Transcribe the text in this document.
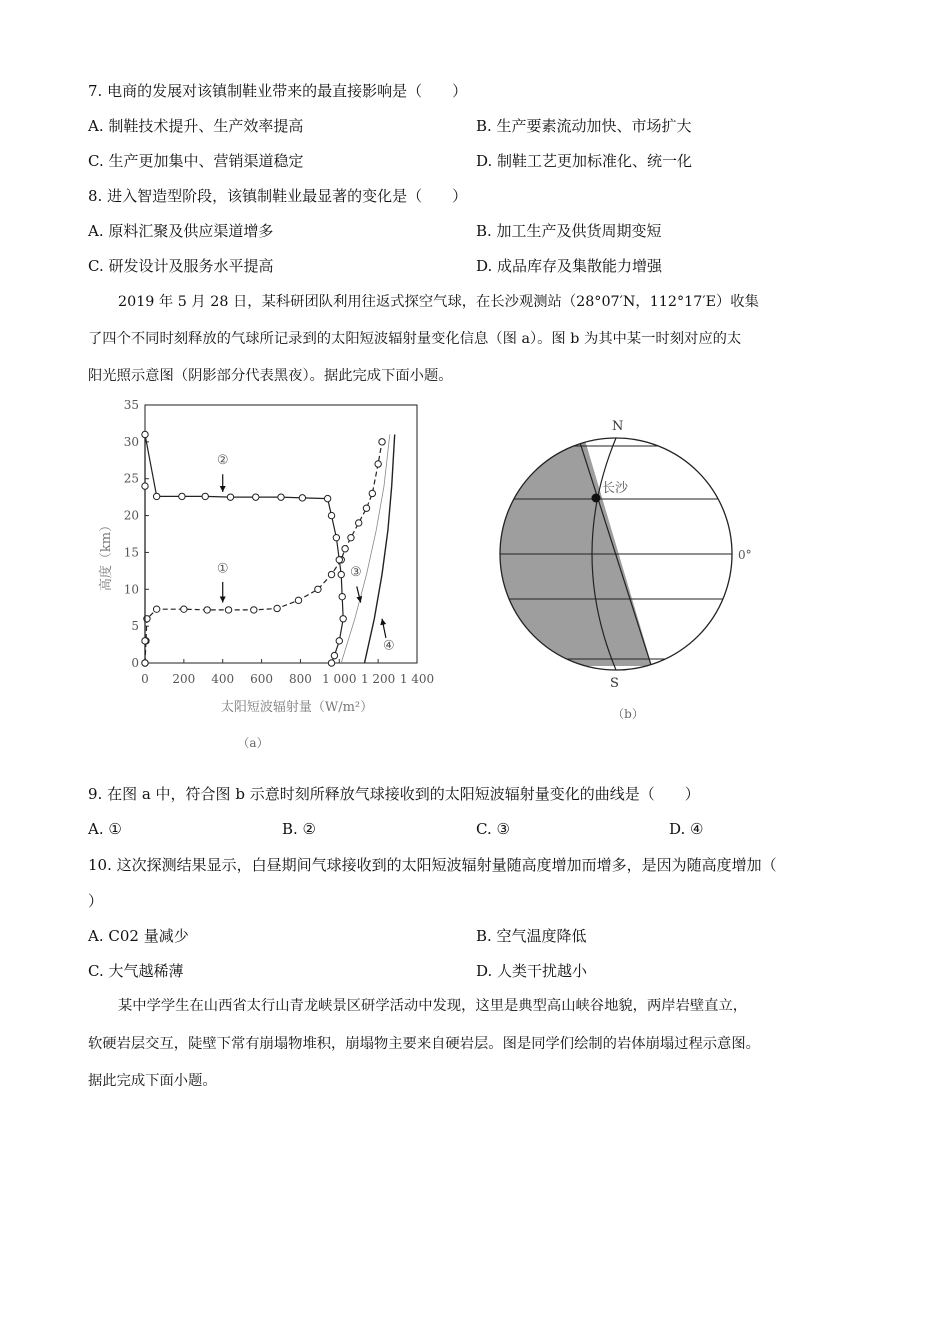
7. 电商的发展对该镇制鞋业带来的最直接影响是（　　）
A. 制鞋技术提升、生产效率提高	B. 生产要素流动加快、市场扩大
C. 生产更加集中、营销渠道稳定	D. 制鞋工艺更加标准化、统一化
8. 进入智造型阶段，该镇制鞋业最显著的变化是（　　）
A. 原料汇聚及供应渠道增多	B. 加工生产及供货周期变短
C. 研发设计及服务水平提高	D. 成品库存及集散能力增强
2019 年 5 月 28 日，某科研团队利用往返式探空气球，在长沙观测站（28°07′N，112°17′E）收集
了四个不同时刻释放的气球所记录到的太阳短波辐射量变化信息（图 a）。图 b 为其中某一时刻对应的太
阳光照示意图（阴影部分代表黑夜）。据此完成下面小题。
0
5
10
15
20
25
30
35
0 200 400 600 800 1 000 1 200 1 400
①
②
③
④
高度（km）
太阳短波辐射量（W/m²）
（a）
长沙
N
S
0°
（b）
9. 在图 a 中，符合图 b 示意时刻所释放气球接收到的太阳短波辐射量变化的曲线是（　　）
A. ①	B. ②	C. ③	D. ④
10. 这次探测结果显示，白昼期间气球接收到的太阳短波辐射量随高度增加而增多，是因为随高度增加（
）
A. C02 量减少	B. 空气温度降低
C. 大气越稀薄	D. 人类干扰越小
某中学学生在山西省太行山青龙峡景区研学活动中发现，这里是典型高山峡谷地貌，两岸岩壁直立，
软硬岩层交互，陡壁下常有崩塌物堆积，崩塌物主要来自硬岩层。图是同学们绘制的岩体崩塌过程示意图。
据此完成下面小题。
